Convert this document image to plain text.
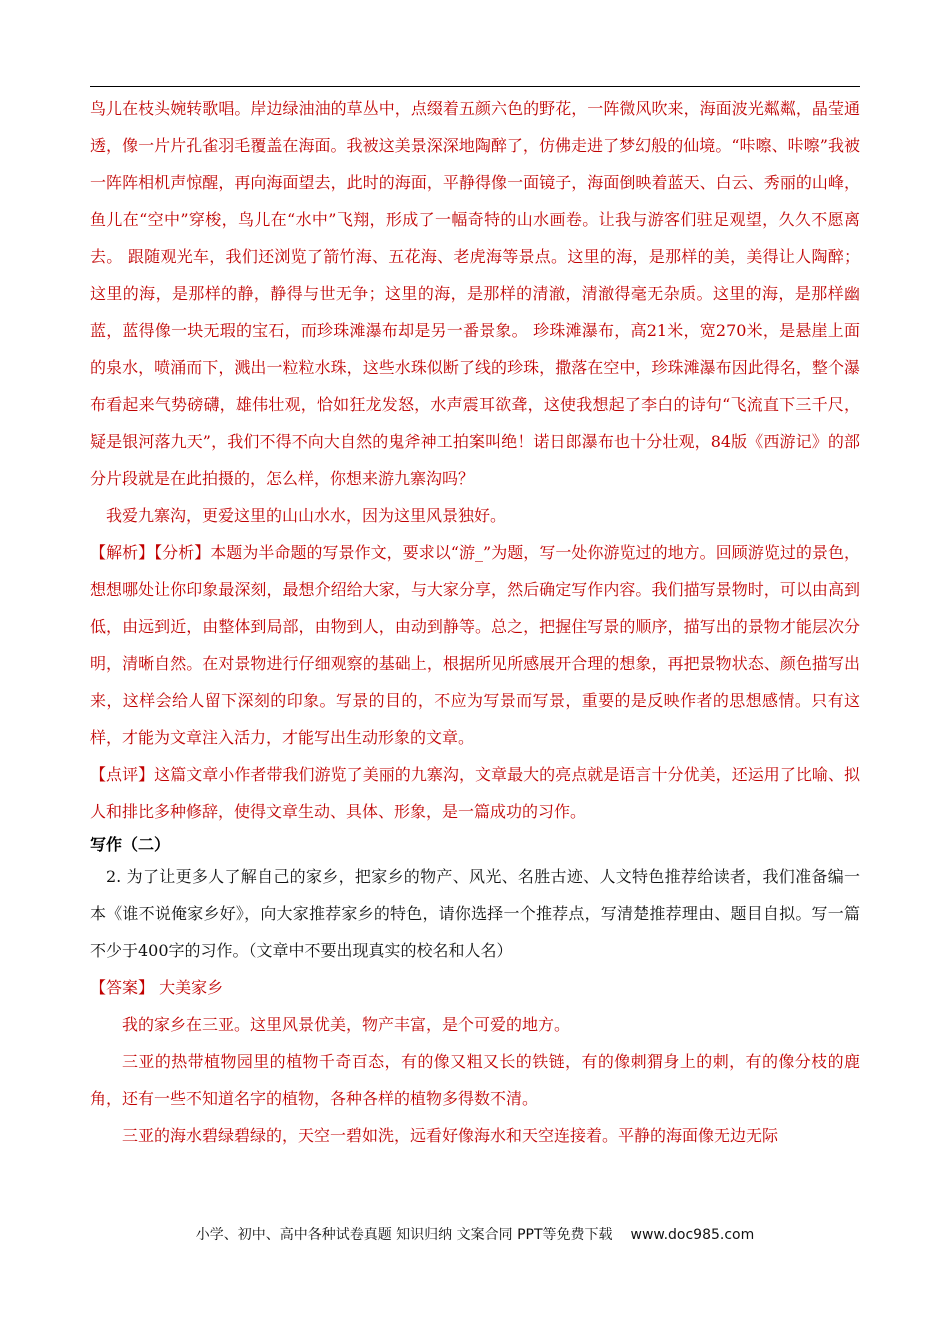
鸟儿在枝头婉转歌唱。岸边绿油油的草丛中，点缀着五颜六色的野花，一阵微风吹来，海面波光粼粼，晶莹通透，像一片片孔雀羽毛覆盖在海面。我被这美景深深地陶醉了，仿佛走进了梦幻般的仙境。“咔嚓、咔嚓”我被一阵阵相机声惊醒，再向海面望去，此时的海面，平静得像一面镜子，海面倒映着蓝天、白云、秀丽的山峰，鱼儿在“空中”穿梭，鸟儿在“水中”飞翔，形成了一幅奇特的山水画卷。让我与游客们驻足观望，久久不愿离去。 跟随观光车，我们还浏览了箭竹海、五花海、老虎海等景点。这里的海，是那样的美，美得让人陶醉；这里的海，是那样的静，静得与世无争；这里的海，是那样的清澈，清澈得毫无杂质。这里的海，是那样幽蓝，蓝得像一块无瑕的宝石，而珍珠滩瀑布却是另一番景象。 珍珠滩瀑布，高21米，宽270米，是悬崖上面的泉水，喷涌而下，溅出一粒粒水珠，这些水珠似断了线的珍珠，撒落在空中，珍珠滩瀑布因此得名，整个瀑布看起来气势磅礴，雄伟壮观，恰如狂龙发怒，水声震耳欲聋，这使我想起了李白的诗句“飞流直下三千尺，疑是银河落九天”，我们不得不向大自然的鬼斧神工拍案叫绝！诺日郎瀑布也十分壮观，84版《西游记》的部分片段就是在此拍摄的，怎么样，你想来游九寨沟吗？

我爱九寨沟，更爱这里的山山水水，因为这里风景独好。

【解析】【分析】本题为半命题的写景作文，要求以“游_”为题，写一处你游览过的地方。回顾游览过的景色，想想哪处让你印象最深刻，最想介绍给大家，与大家分享，然后确定写作内容。我们描写景物时，可以由高到低，由远到近，由整体到局部，由物到人，由动到静等。总之，把握住写景的顺序，描写出的景物才能层次分明，清晰自然。在对景物进行仔细观察的基础上，根据所见所感展开合理的想象，再把景物状态、颜色描写出来，这样会给人留下深刻的印象。写景的目的，不应为写景而写景，重要的是反映作者的思想感情。只有这样，才能为文章注入活力，才能写出生动形象的文章。

【点评】这篇文章小作者带我们游览了美丽的九寨沟，文章最大的亮点就是语言十分优美，还运用了比喻、拟人和排比多种修辞，使得文章生动、具体、形象，是一篇成功的习作。

写作（二）

2. 为了让更多人了解自己的家乡，把家乡的物产、风光、名胜古迹、人文特色推荐给读者，我们准备编一本《谁不说俺家乡好》，向大家推荐家乡的特色，请你选择一个推荐点，写清楚推荐理由、题目自拟。写一篇不少于400字的习作。（文章中不要出现真实的校名和人名）

【答案】 大美家乡

我的家乡在三亚。这里风景优美，物产丰富，是个可爱的地方。

三亚的热带植物园里的植物千奇百态，有的像又粗又长的铁链，有的像刺猬身上的刺，有的像分枝的鹿角，还有一些不知道名字的植物，各种各样的植物多得数不清。

三亚的海水碧绿碧绿的，天空一碧如洗，远看好像海水和天空连接着。平静的海面像无边无际

小学、初中、高中各种试卷真题 知识归纳 文案合同 PPT等免费下载 www.doc985.com
